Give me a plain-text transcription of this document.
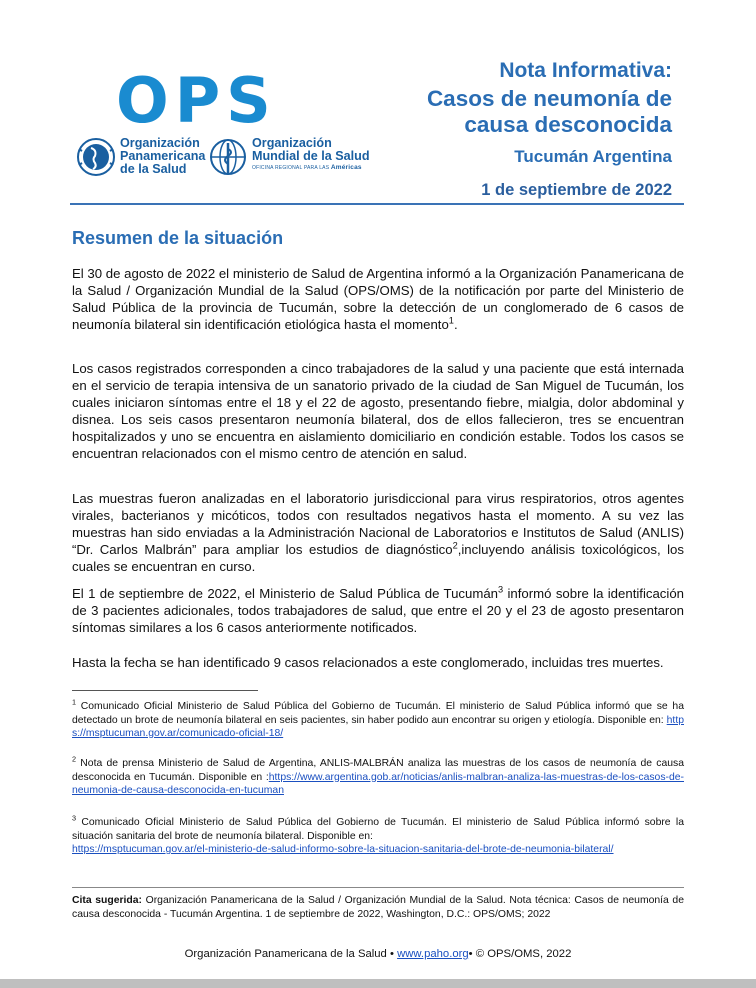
OPS
Organización
Panamericana
de la Salud
Organización
Mundial de la Salud
OFICINA REGIONAL PARA LAS Américas
Nota Informativa:
Casos de neumonía de
causa desconocida
Tucumán Argentina
1 de septiembre de 2022
Resumen de la situación

El 30 de agosto de 2022 el ministerio de Salud de Argentina informó a la Organización Panamericana de la Salud / Organización Mundial de la Salud (OPS/OMS) de la notificación por parte del Ministerio de Salud Pública de la provincia de Tucumán, sobre la detección de un conglomerado de 6 casos de neumonía bilateral sin identificación etiológica hasta el momento$^1$.

Los casos registrados corresponden a cinco trabajadores de la salud y una paciente que está internada en el servicio de terapia intensiva de un sanatorio privado de la ciudad de San Miguel de Tucumán, los cuales iniciaron síntomas entre el 18 y el 22 de agosto, presentando fiebre, mialgia, dolor abdominal y disnea. Los seis casos presentaron neumonía bilateral, dos de ellos fallecieron, tres se encuentran hospitalizados y uno se encuentra en aislamiento domiciliario en condición estable. Todos los casos se encuentran relacionados con el mismo centro de atención en salud.

Las muestras fueron analizadas en el laboratorio jurisdiccional para virus respiratorios, otros agentes virales, bacterianos y micóticos, todos con resultados negativos hasta el momento. A su vez las muestras han sido enviadas a la Administración Nacional de Laboratorios e Institutos de Salud (ANLIS) “Dr. Carlos Malbrán” para ampliar los estudios de diagnóstico$^2$,incluyendo análisis toxicológicos, los cuales se encuentran en curso.

El 1 de septiembre de 2022, el Ministerio de Salud Pública de Tucumán$^3$ informó sobre la identificación de 3 pacientes adicionales, todos trabajadores de salud, que entre el 20 y el 23 de agosto presentaron síntomas similares a los 6 casos anteriormente notificados.

Hasta la fecha se han identificado 9 casos relacionados a este conglomerado, incluidas tres muertes.

$^1$ Comunicado Oficial Ministerio de Salud Pública del Gobierno de Tucumán. El ministerio de Salud Pública informó que se ha detectado un brote de neumonía bilateral en seis pacientes, sin haber podido aun encontrar su origen y etiología. Disponible en: https://msptucuman.gov.ar/comunicado-oficial-18/

$^2$ Nota de prensa Ministerio de Salud de Argentina, ANLIS-MALBRÁN analiza las muestras de los casos de neumonía de causa desconocida en Tucumán. Disponible en :https://www.argentina.gob.ar/noticias/anlis-malbran-analiza-las-muestras-de-los-casos-de-neumonia-de-causa-desconocida-en-tucuman

$^3$ Comunicado Oficial Ministerio de Salud Pública del Gobierno de Tucumán. El ministerio de Salud Pública informó sobre la situación sanitaria del brote de neumonía bilateral. Disponible en:
https://msptucuman.gov.ar/el-ministerio-de-salud-informo-sobre-la-situacion-sanitaria-del-brote-de-neumonia-bilateral/

Cita sugerida: Organización Panamericana de la Salud / Organización Mundial de la Salud. Nota técnica: Casos de neumonía de causa desconocida - Tucumán Argentina. 1 de septiembre de 2022, Washington, D.C.: OPS/OMS; 2022

Organización Panamericana de la Salud • www.paho.org• © OPS/OMS, 2022
